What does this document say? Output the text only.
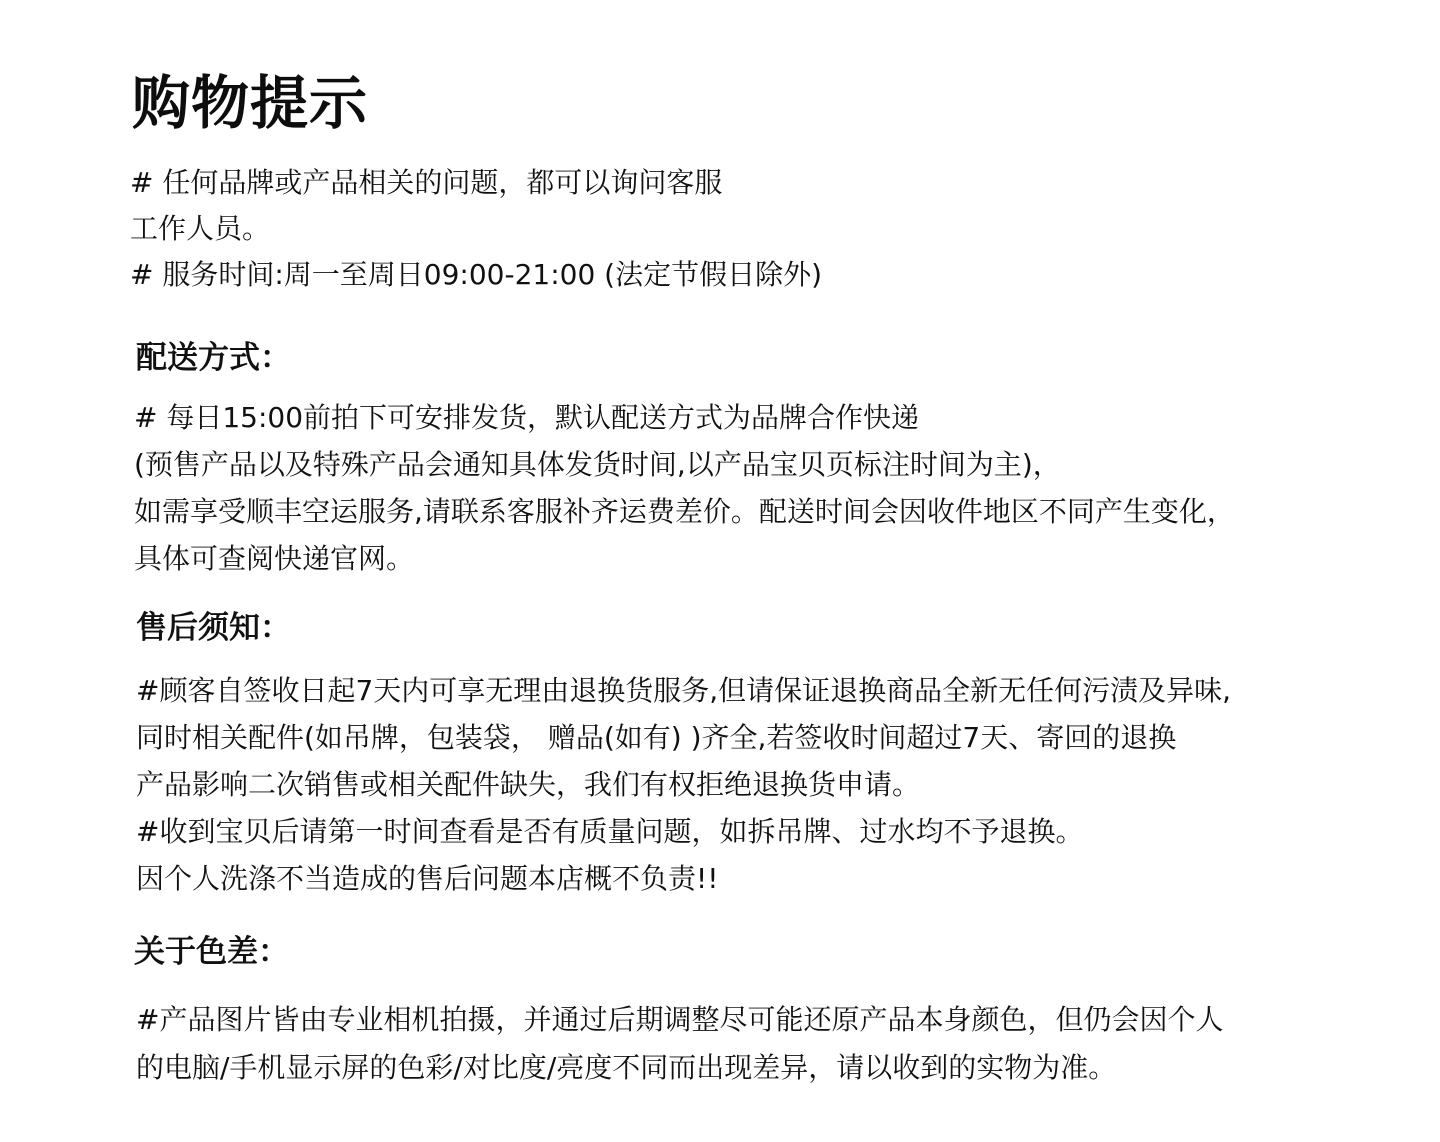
购物提示
# 任何品牌或产品相关的问题，都可以询问客服
工作人员。
# 服务时间:周一至周日09:00-21:00 (法定节假日除外)
配送方式：
# 每日15:00前拍下可安排发货，默认配送方式为品牌合作快递
(预售产品以及特殊产品会通知具体发货时间,以产品宝贝页标注时间为主)，
如需享受顺丰空运服务,请联系客服补齐运费差价。配送时间会因收件地区不同产生变化，
具体可查阅快递官网。
售后须知：
#顾客自签收日起7天内可享无理由退换货服务,但请保证退换商品全新无任何污渍及异味,
同时相关配件(如吊牌，包装袋， 赠品(如有) )齐全,若签收时间超过7天、寄回的退换
产品影响二次销售或相关配件缺失，我们有权拒绝退换货申请。
#收到宝贝后请第一时间查看是否有质量问题，如拆吊牌、过水均不予退换。
因个人洗涤不当造成的售后问题本店概不负责!!
关于色差：
#产品图片皆由专业相机拍摄，并通过后期调整尽可能还原产品本身颜色，但仍会因个人
的电脑/手机显示屏的色彩/对比度/亮度不同而出现差异，请以收到的实物为准。
